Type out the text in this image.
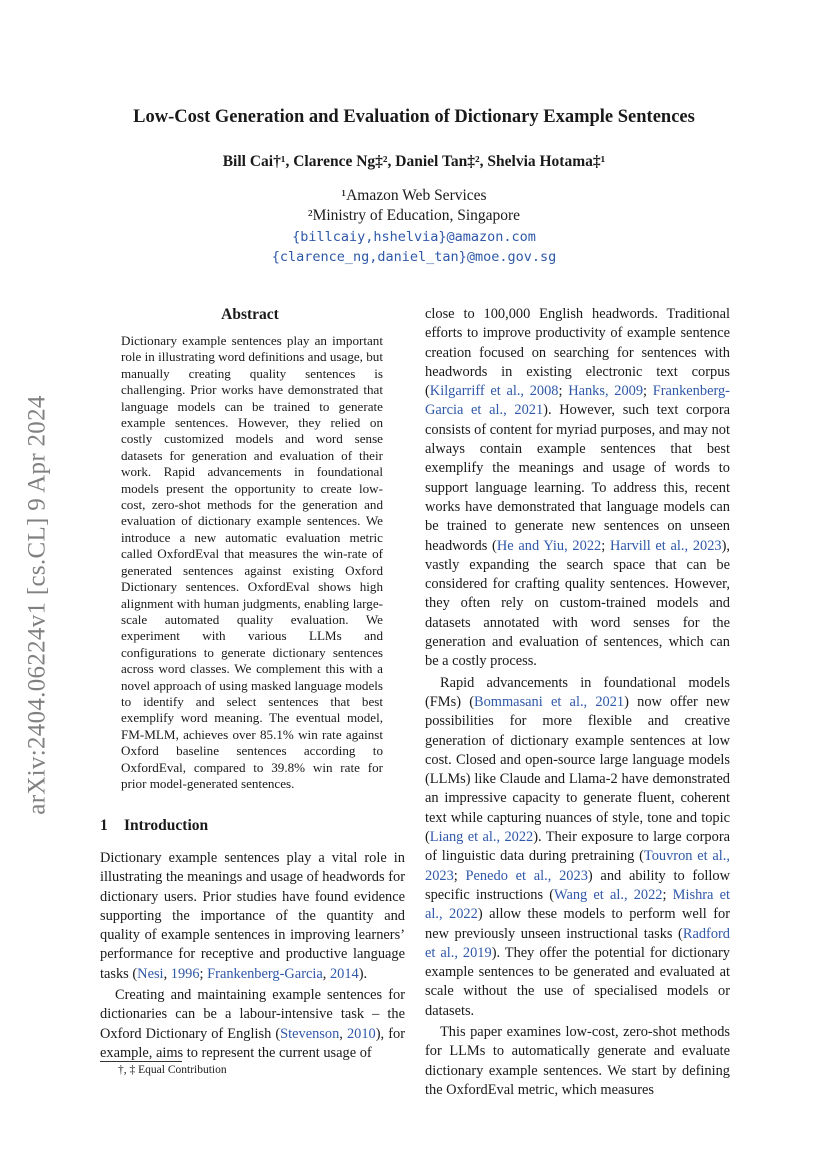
arXiv:2404.06224v1 [cs.CL] 9 Apr 2024
Low-Cost Generation and Evaluation of Dictionary Example Sentences
Bill Cai†¹, Clarence Ng‡², Daniel Tan‡², Shelvia Hotama‡¹
¹Amazon Web Services
²Ministry of Education, Singapore
{billcaiy,hshelvia}@amazon.com
{clarence_ng,daniel_tan}@moe.gov.sg
Abstract
Dictionary example sentences play an important role in illustrating word definitions and usage, but manually creating quality sentences is challenging. Prior works have demonstrated that language models can be trained to generate example sentences. However, they relied on costly customized models and word sense datasets for generation and evaluation of their work. Rapid advancements in foundational models present the opportunity to create low-cost, zero-shot methods for the generation and evaluation of dictionary example sentences. We introduce a new automatic evaluation metric called OxfordEval that measures the win-rate of generated sentences against existing Oxford Dictionary sentences. OxfordEval shows high alignment with human judgments, enabling large-scale automated quality evaluation. We experiment with various LLMs and configurations to generate dictionary sentences across word classes. We complement this with a novel approach of using masked language models to identify and select sentences that best exemplify word meaning. The eventual model, FM-MLM, achieves over 85.1% win rate against Oxford baseline sentences according to OxfordEval, compared to 39.8% win rate for prior model-generated sentences.
1 Introduction

Dictionary example sentences play a vital role in illustrating the meanings and usage of headwords for dictionary users. Prior studies have found evidence supporting the importance of the quantity and quality of example sentences in improving learners’ performance for receptive and productive language tasks (Nesi, 1996; Frankenberg-Garcia, 2014).

Creating and maintaining example sentences for dictionaries can be a labour-intensive task – the Oxford Dictionary of English (Stevenson, 2010), for example, aims to represent the current usage of

†, ‡ Equal Contribution

close to 100,000 English headwords. Traditional efforts to improve productivity of example sentence creation focused on searching for sentences with headwords in existing electronic text corpus (Kilgarriff et al., 2008; Hanks, 2009; Frankenberg-Garcia et al., 2021). However, such text corpora consists of content for myriad purposes, and may not always contain example sentences that best exemplify the meanings and usage of words to support language learning. To address this, recent works have demonstrated that language models can be trained to generate new sentences on unseen headwords (He and Yiu, 2022; Harvill et al., 2023), vastly expanding the search space that can be considered for crafting quality sentences. However, they often rely on custom-trained models and datasets annotated with word senses for the generation and evaluation of sentences, which can be a costly process.

Rapid advancements in foundational models (FMs) (Bommasani et al., 2021) now offer new possibilities for more flexible and creative generation of dictionary example sentences at low cost. Closed and open-source large language models (LLMs) like Claude and Llama-2 have demonstrated an impressive capacity to generate fluent, coherent text while capturing nuances of style, tone and topic (Liang et al., 2022). Their exposure to large corpora of linguistic data during pretraining (Touvron et al., 2023; Penedo et al., 2023) and ability to follow specific instructions (Wang et al., 2022; Mishra et al., 2022) allow these models to perform well for new previously unseen instructional tasks (Radford et al., 2019). They offer the potential for dictionary example sentences to be generated and evaluated at scale without the use of specialised models or datasets.

This paper examines low-cost, zero-shot methods for LLMs to automatically generate and evaluate dictionary example sentences. We start by defining the OxfordEval metric, which measures
